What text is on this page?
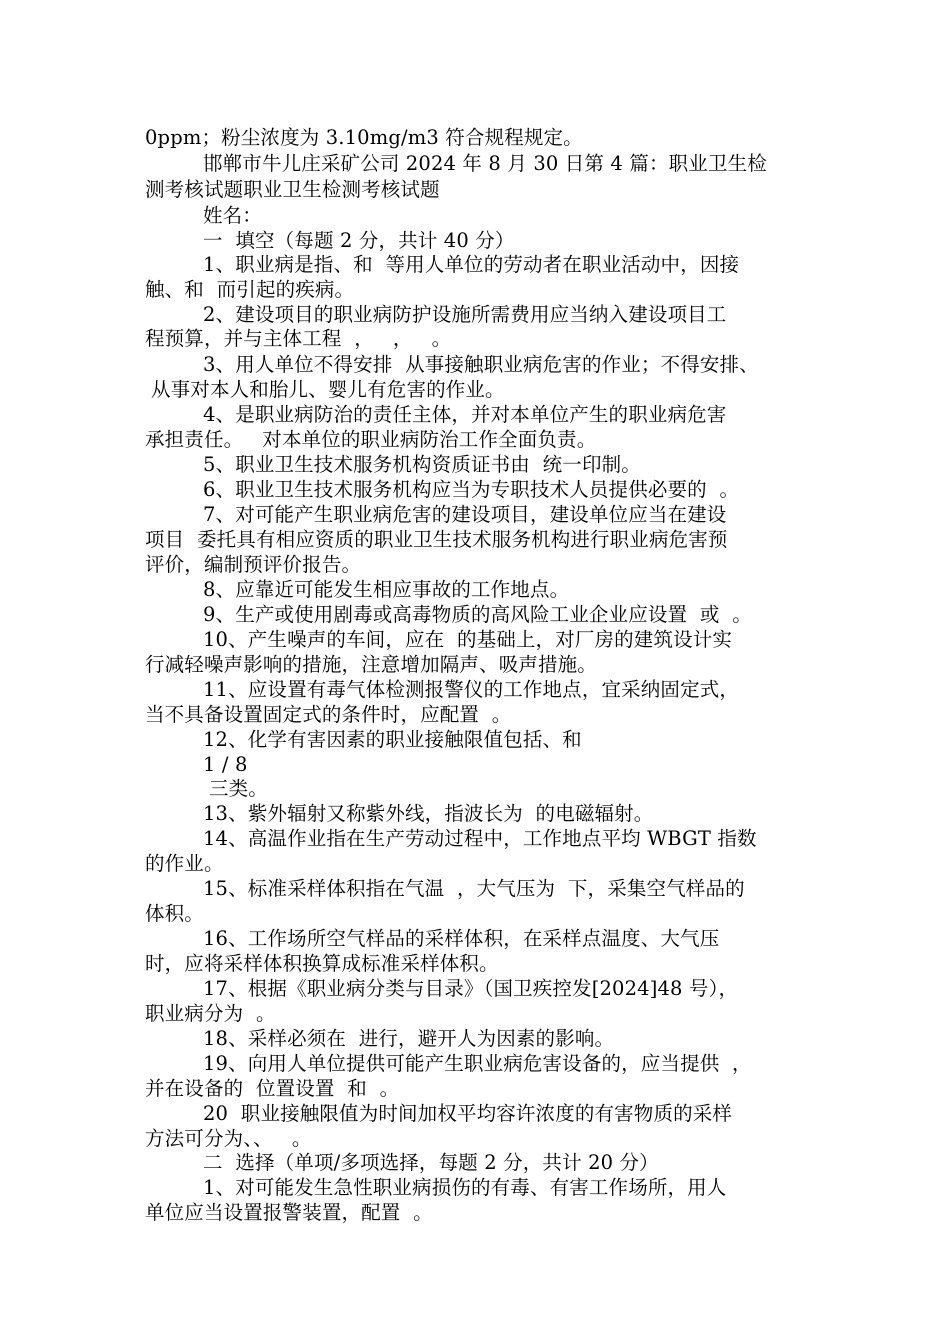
0ppm；粉尘浓度为 3.10mg/m3 符合规程规定。
邯郸市牛儿庄采矿公司 2024 年 8 月 30 日第 4 篇：职业卫生检
测考核试题职业卫生检测考核试题
姓名：
一  填空（每题 2 分，共计 40 分）
1、职业病是指、和  等用人单位的劳动者在职业活动中，因接
触、和  而引起的疾病。
2、建设项目的职业病防护设施所需费用应当纳入建设项目工
程预算，并与主体工程  ，   ，   。
3、用人单位不得安排  从事接触职业病危害的作业；不得安排、
从事对本人和胎儿、婴儿有危害的作业。
4、是职业病防治的责任主体，并对本单位产生的职业病危害
承担责任。   对本单位的职业病防治工作全面负责。
5、职业卫生技术服务机构资质证书由  统一印制。
6、职业卫生技术服务机构应当为专职技术人员提供必要的  。
7、对可能产生职业病危害的建设项目，建设单位应当在建设
项目  委托具有相应资质的职业卫生技术服务机构进行职业病危害预
评价，编制预评价报告。
8、应靠近可能发生相应事故的工作地点。
9、生产或使用剧毒或高毒物质的高风险工业企业应设置  或  。
10、产生噪声的车间，应在  的基础上，对厂房的建筑设计实
行减轻噪声影响的措施，注意增加隔声、吸声措施。
11、应设置有毒气体检测报警仪的工作地点，宜采纳固定式，
当不具备设置固定式的条件时，应配置  。
12、化学有害因素的职业接触限值包括、和
1 / 8
三类。
13、紫外辐射又称紫外线，指波长为  的电磁辐射。
14、高温作业指在生产劳动过程中，工作地点平均 WBGT 指数
的作业。
15、标准采样体积指在气温  ，大气压为  下，采集空气样品的
体积。
16、工作场所空气样品的采样体积，在采样点温度、大气压
时，应将采样体积换算成标准采样体积。
17、根据《职业病分类与目录》（国卫疾控发[2024]48 号），
职业病分为  。
18、采样必须在  进行，避开人为因素的影响。
19、向用人单位提供可能产生职业病危害设备的，应当提供  ，
并在设备的  位置设置  和  。
20  职业接触限值为时间加权平均容许浓度的有害物质的采样
方法可分为、、   。
二  选择（单项/多项选择，每题 2 分，共计 20 分）
1、对可能发生急性职业病损伤的有毒、有害工作场所，用人
单位应当设置报警装置，配置  。
